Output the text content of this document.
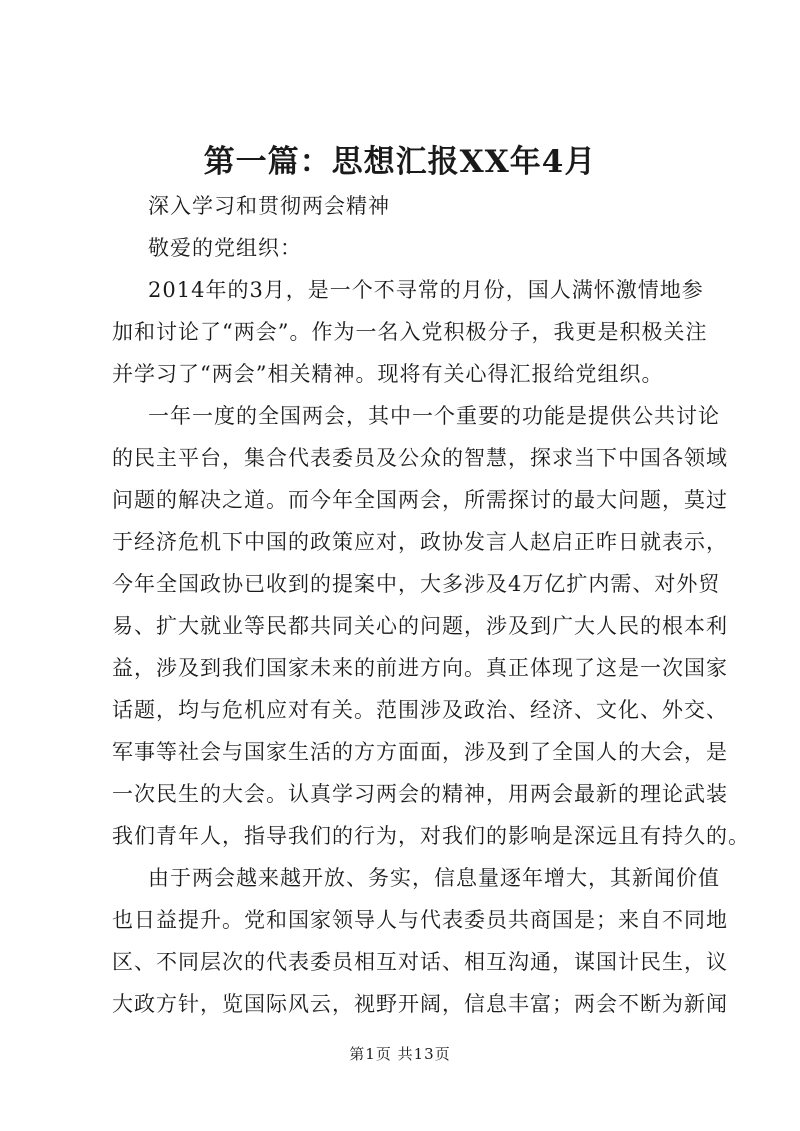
第一篇：思想汇报XX年4月
深入学习和贯彻两会精神
敬爱的党组织：
2014年的3月，是一个不寻常的月份，国人满怀激情地参
加和讨论了“两会”。作为一名入党积极分子，我更是积极关注
并学习了“两会”相关精神。现将有关心得汇报给党组织。
一年一度的全国两会，其中一个重要的功能是提供公共讨论
的民主平台，集合代表委员及公众的智慧，探求当下中国各领域
问题的解决之道。而今年全国两会，所需探讨的最大问题，莫过
于经济危机下中国的政策应对，政协发言人赵启正昨日就表示，
今年全国政协已收到的提案中，大多涉及4万亿扩内需、对外贸
易、扩大就业等民都共同关心的问题，涉及到广大人民的根本利
益，涉及到我们国家未来的前进方向。真正体现了这是一次国家
话题，均与危机应对有关。范围涉及政治、经济、文化、外交、
军事等社会与国家生活的方方面面，涉及到了全国人的大会，是
一次民生的大会。认真学习两会的精神，用两会最新的理论武装
我们青年人，指导我们的行为，对我们的影响是深远且有持久的。
由于两会越来越开放、务实，信息量逐年增大，其新闻价值
也日益提升。党和国家领导人与代表委员共商国是；来自不同地
区、不同层次的代表委员相互对话、相互沟通，谋国计民生，议
大政方针，览国际风云，视野开阔，信息丰富；两会不断为新闻
第1页 共13页
